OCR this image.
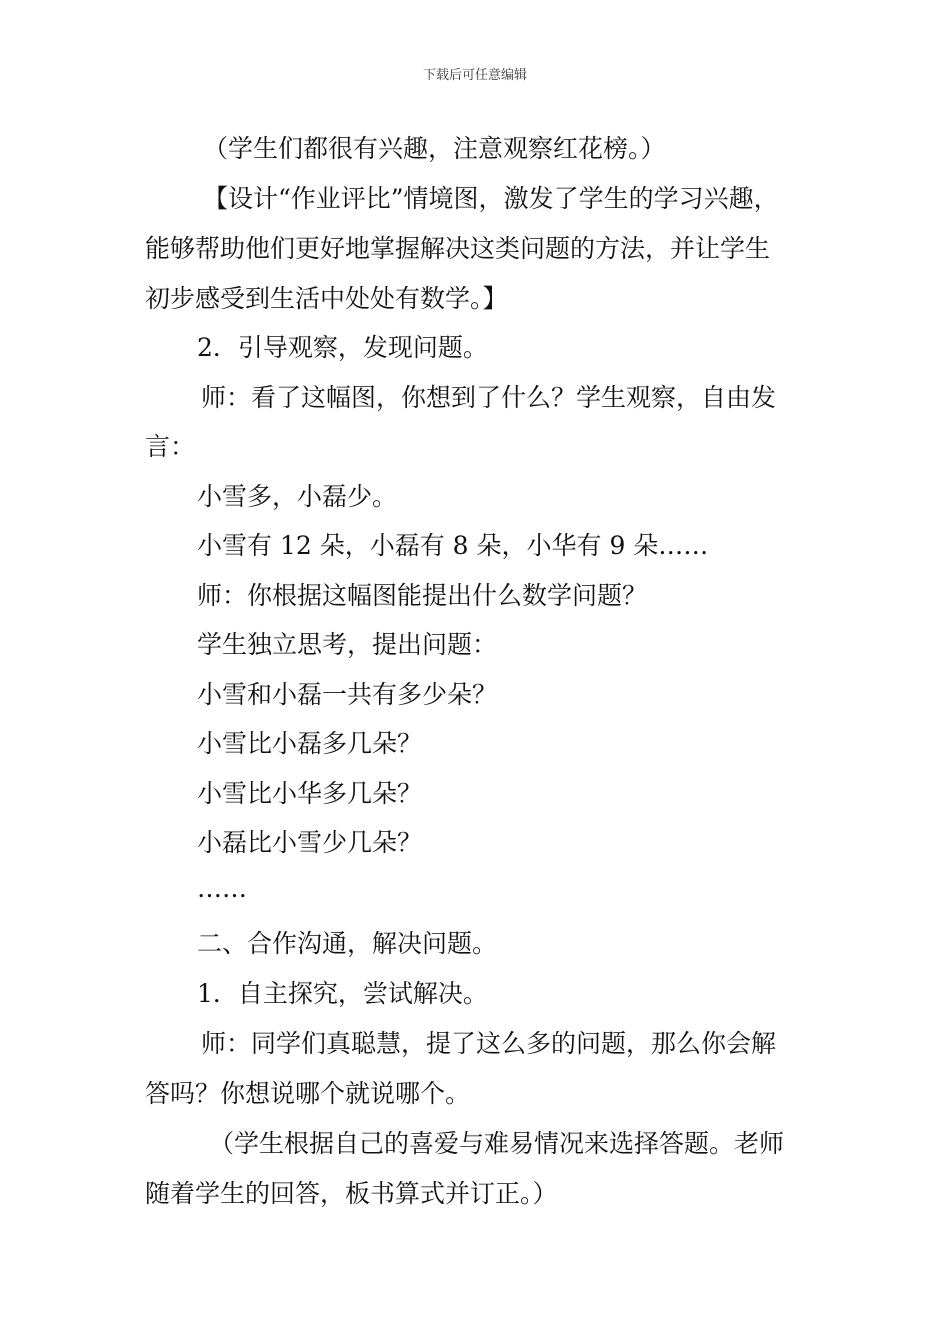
下载后可任意编辑
（学生们都很有兴趣，注意观察红花榜。）
【设计“作业评比”情境图，激发了学生的学习兴趣，
能够帮助他们更好地掌握解决这类问题的方法，并让学生
初步感受到生活中处处有数学。】
2．引导观察，发现问题。
师：看了这幅图，你想到了什么？学生观察，自由发
言：
小雪多，小磊少。
小雪有 12 朵，小磊有 8 朵，小华有 9 朵……
师：你根据这幅图能提出什么数学问题？
学生独立思考，提出问题：
小雪和小磊一共有多少朵？
小雪比小磊多几朵？
小雪比小华多几朵？
小磊比小雪少几朵？
……
二、合作沟通，解决问题。
1．自主探究，尝试解决。
师：同学们真聪慧，提了这么多的问题，那么你会解
答吗？你想说哪个就说哪个。
（学生根据自己的喜爱与难易情况来选择答题。老师
随着学生的回答，板书算式并订正。）
